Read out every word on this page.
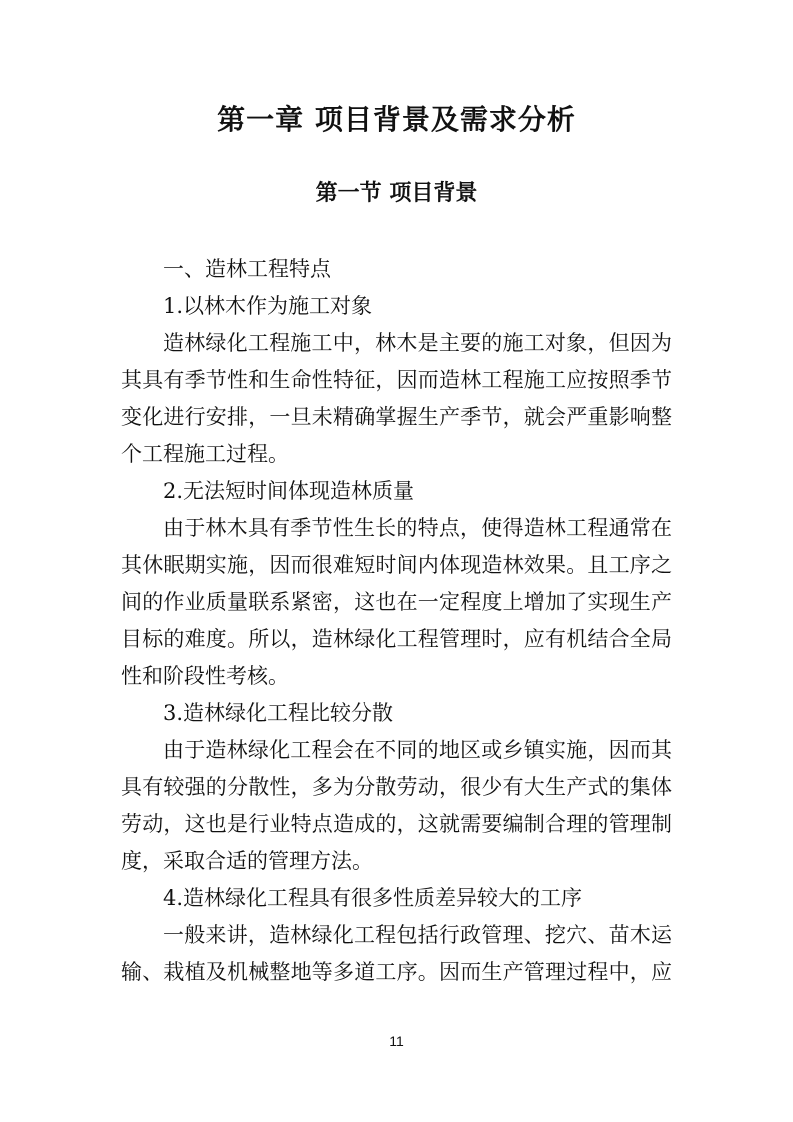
第一章 项目背景及需求分析
第一节 项目背景
一、造林工程特点
1.以林木作为施工对象
造林绿化工程施工中，林木是主要的施工对象，但因为
其具有季节性和生命性特征，因而造林工程施工应按照季节
变化进行安排，一旦未精确掌握生产季节，就会严重影响整
个工程施工过程。
2.无法短时间体现造林质量
由于林木具有季节性生长的特点，使得造林工程通常在
其休眠期实施，因而很难短时间内体现造林效果。且工序之
间的作业质量联系紧密，这也在一定程度上增加了实现生产
目标的难度。所以，造林绿化工程管理时，应有机结合全局
性和阶段性考核。
3.造林绿化工程比较分散
由于造林绿化工程会在不同的地区或乡镇实施，因而其
具有较强的分散性，多为分散劳动，很少有大生产式的集体
劳动，这也是行业特点造成的，这就需要编制合理的管理制
度，采取合适的管理方法。
4.造林绿化工程具有很多性质差异较大的工序
一般来讲，造林绿化工程包括行政管理、挖穴、苗木运
输、栽植及机械整地等多道工序。因而生产管理过程中，应
11
